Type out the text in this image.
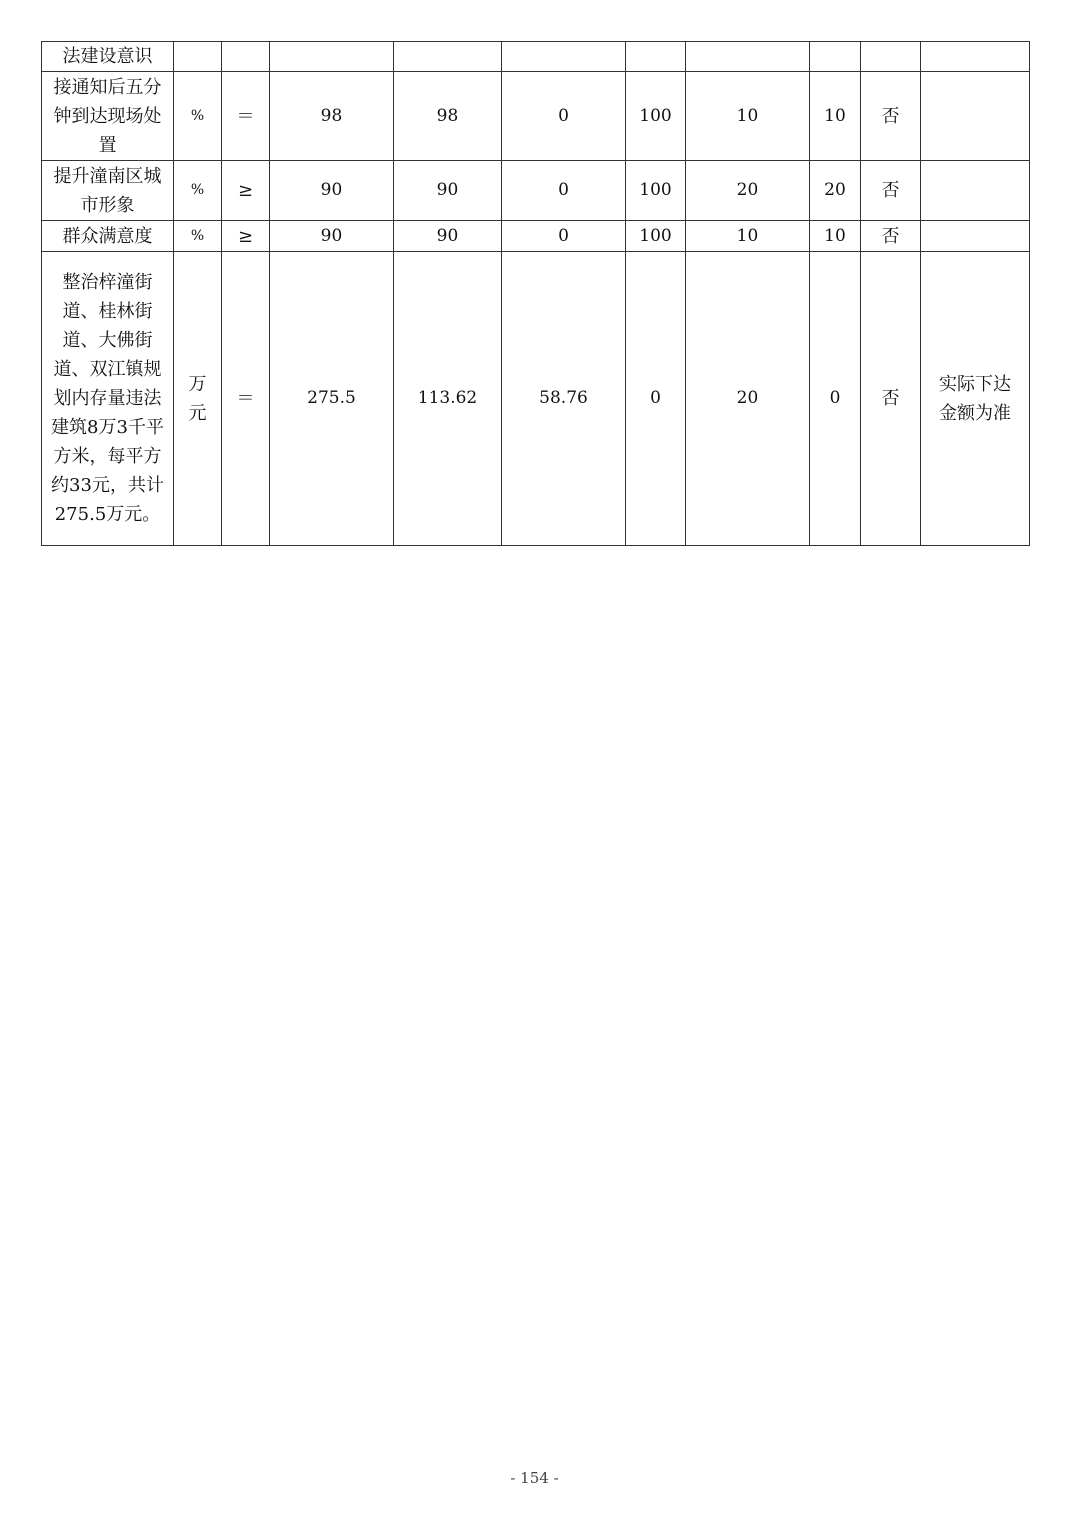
法建设意识										
接通知后五分钟到达现场处置	%	＝	98	98	0	100	10	10	否	
提升潼南区城市形象	%	≥	90	90	0	100	20	20	否	
群众满意度	%	≥	90	90	0	100	10	10	否	
整治梓潼街道、桂林街道、大佛街道、双江镇规划内存量违法建筑8万3千平方米，每平方约33元，共计275.5万元。	万元	＝	275.5	113.62	58.76	0	20	0	否	实际下达金额为准
- 154 -
